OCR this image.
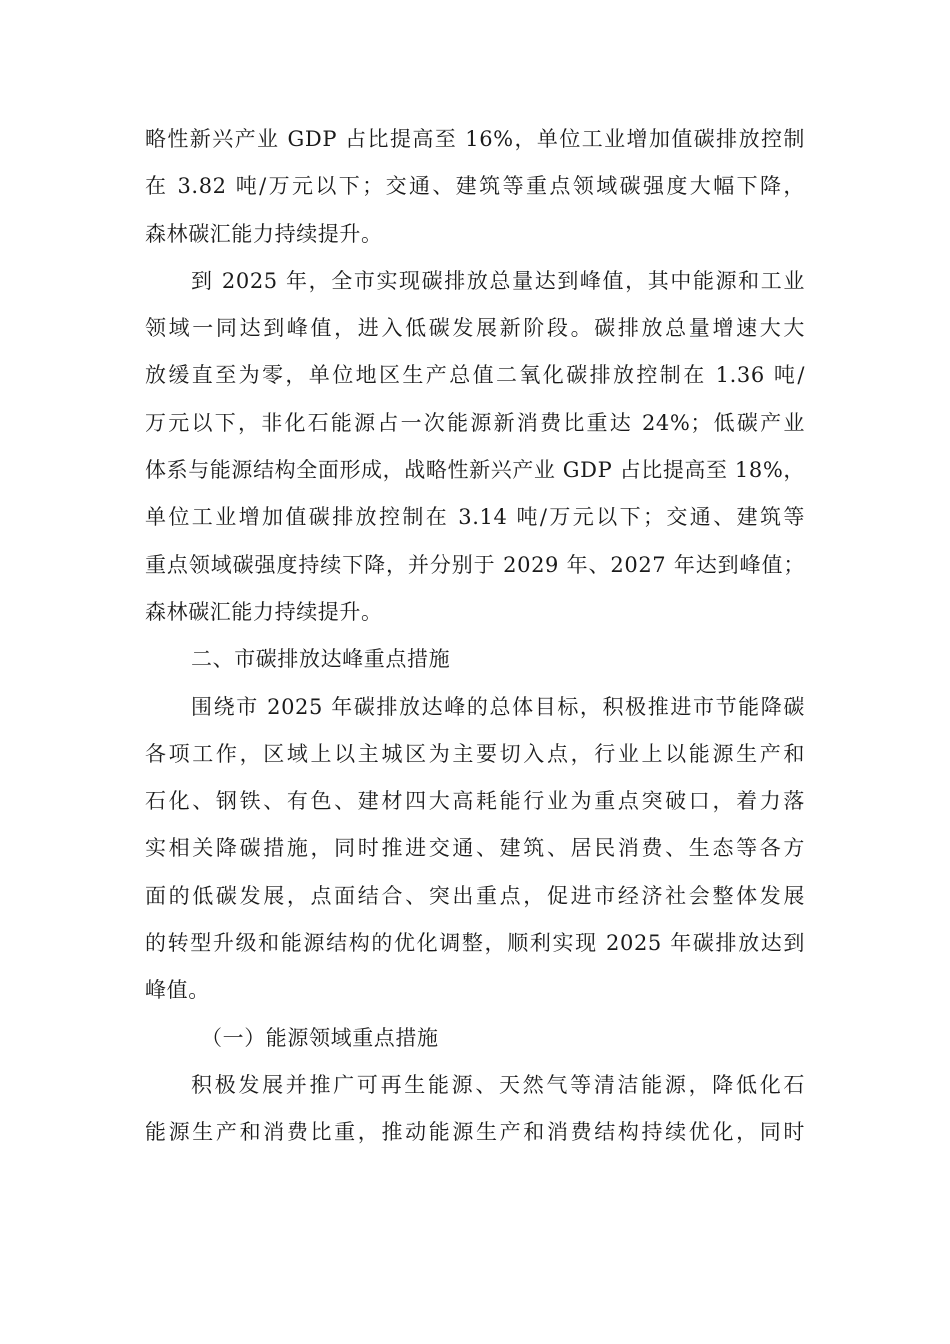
略性新兴产业 GDP 占比提高至 16%，单位工业增加值碳排放控制
在 3.82 吨/万元以下；交通、建筑等重点领域碳强度大幅下降，
森林碳汇能力持续提升。
到 2025 年，全市实现碳排放总量达到峰值，其中能源和工业
领域一同达到峰值，进入低碳发展新阶段。碳排放总量增速大大
放缓直至为零，单位地区生产总值二氧化碳排放控制在 1.36 吨/
万元以下，非化石能源占一次能源新消费比重达 24%；低碳产业
体系与能源结构全面形成，战略性新兴产业 GDP 占比提高至 18%，
单位工业增加值碳排放控制在 3.14 吨/万元以下；交通、建筑等
重点领域碳强度持续下降，并分别于 2029 年、2027 年达到峰值；
森林碳汇能力持续提升。
二、市碳排放达峰重点措施
围绕市 2025 年碳排放达峰的总体目标，积极推进市节能降碳
各项工作，区域上以主城区为主要切入点，行业上以能源生产和
石化、钢铁、有色、建材四大高耗能行业为重点突破口，着力落
实相关降碳措施，同时推进交通、建筑、居民消费、生态等各方
面的低碳发展，点面结合、突出重点，促进市经济社会整体发展
的转型升级和能源结构的优化调整，顺利实现 2025 年碳排放达到
峰值。
（一）能源领域重点措施
积极发展并推广可再生能源、天然气等清洁能源，降低化石
能源生产和消费比重，推动能源生产和消费结构持续优化，同时
